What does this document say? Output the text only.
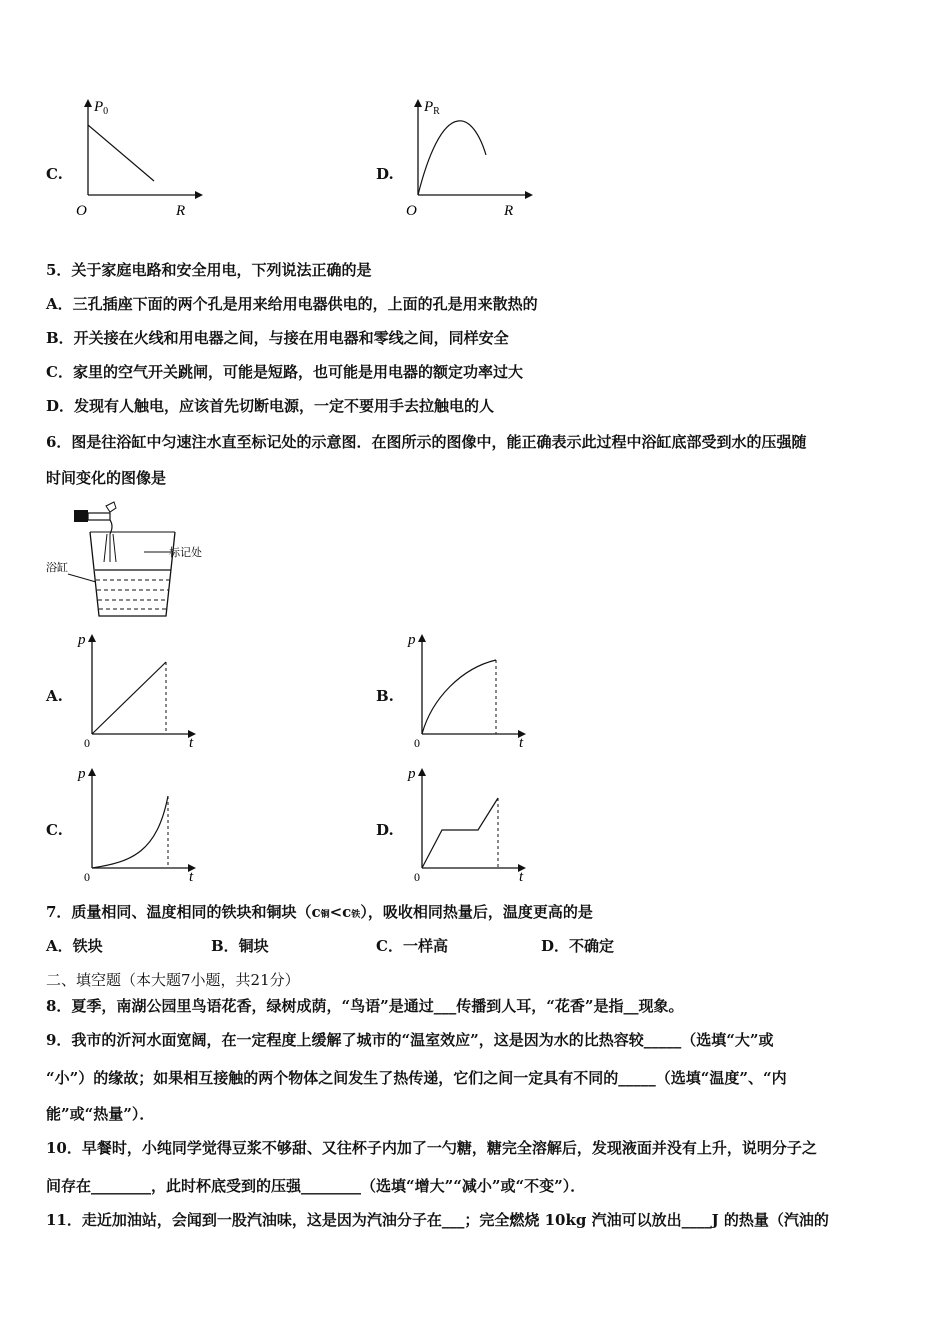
C.
$P_0$
O	R
D.
$P_R$
O	R
5．关于家庭电路和安全用电，下列说法正确的是
A．三孔插座下面的两个孔是用来给用电器供电的，上面的孔是用来散热的
B．开关接在火线和用电器之间，与接在用电器和零线之间，同样安全
C．家里的空气开关跳闸，可能是短路，也可能是用电器的额定功率过大
D．发现有人触电，应该首先切断电源，一定不要用手去拉触电的人
6．图是往浴缸中匀速注水直至标记处的示意图．在图所示的图像中，能正确表示此过程中浴缸底部受到水的压强随
时间变化的图像是
标记处
浴缸
A.
p
0	t
B.
p
0	t
C.
p
0	t
D.
p
0	t
7．质量相同、温度相同的铁块和铜块（c铜<c铁），吸收相同热量后，温度更高的是
A．铁块	B．铜块	C．一样高	D．不确定
二、填空题（本大题7小题，共21分）
8．夏季，南湖公园里鸟语花香，绿树成荫，“鸟语”是通过___传播到人耳，“花香”是指__现象。
9．我市的沂河水面宽阔，在一定程度上缓解了城市的“温室效应”，这是因为水的比热容较_____（选填“大”或
“小”）的缘故；如果相互接触的两个物体之间发生了热传递，它们之间一定具有不同的_____（选填“温度”、“内
能”或“热量”）．
10．早餐时，小纯同学觉得豆浆不够甜、又往杯子内加了一勺糖，糖完全溶解后，发现液面并没有上升，说明分子之
间存在________，此时杯底受到的压强________（选填“增大”“减小”或“不变”）．
11．走近加油站，会闻到一股汽油味，这是因为汽油分子在___；完全燃烧 10kg 汽油可以放出____J 的热量（汽油的
